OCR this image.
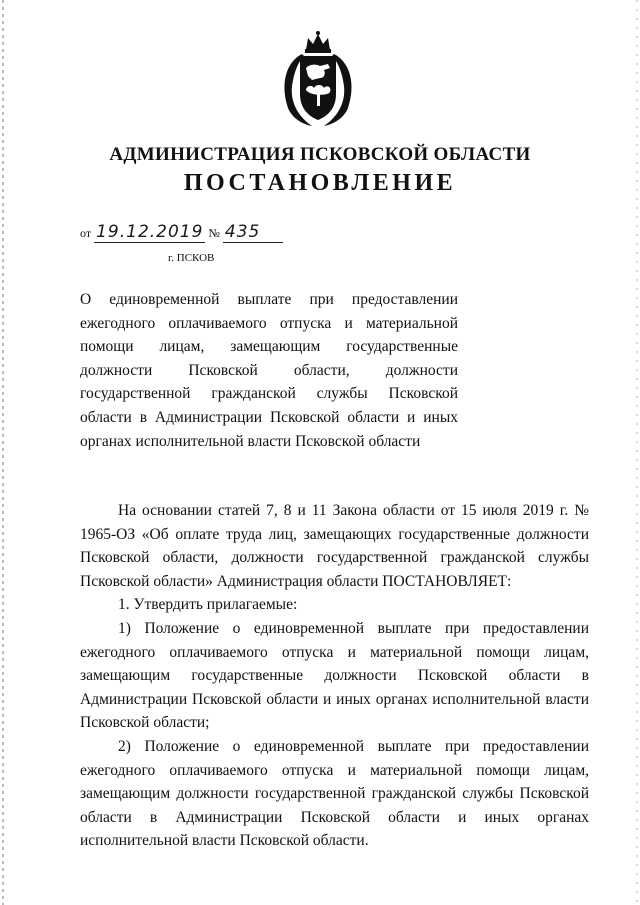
АДМИНИСТРАЦИЯ ПСКОВСКОЙ ОБЛАСТИ
ПОСТАНОВЛЕНИЕ
от 19.12.2019 № 435
г. ПСКОВ
О единовременной выплате при предоставлении ежегодного оплачиваемого отпуска и материальной помощи лицам, замещающим государственные должности Псковской области, должности государственной гражданской службы Псковской области в Администрации Псковской области и иных органах исполнительной власти Псковской области

На основании статей 7, 8 и 11 Закона области от 15 июля 2019 г. № 1965-ОЗ «Об оплате труда лиц, замещающих государственные должности Псковской области, должности государственной гражданской службы Псковской области» Администрация области ПОСТАНОВЛЯЕТ:

1. Утвердить прилагаемые:

1) Положение о единовременной выплате при предоставлении ежегодного оплачиваемого отпуска и материальной помощи лицам, замещающим государственные должности Псковской области в Администрации Псковской области и иных органах исполнительной власти Псковской области;

2) Положение о единовременной выплате при предоставлении ежегодного оплачиваемого отпуска и материальной помощи лицам, замещающим должности государственной гражданской службы Псковской области в Администрации Псковской области и иных органах исполнительной власти Псковской области.
